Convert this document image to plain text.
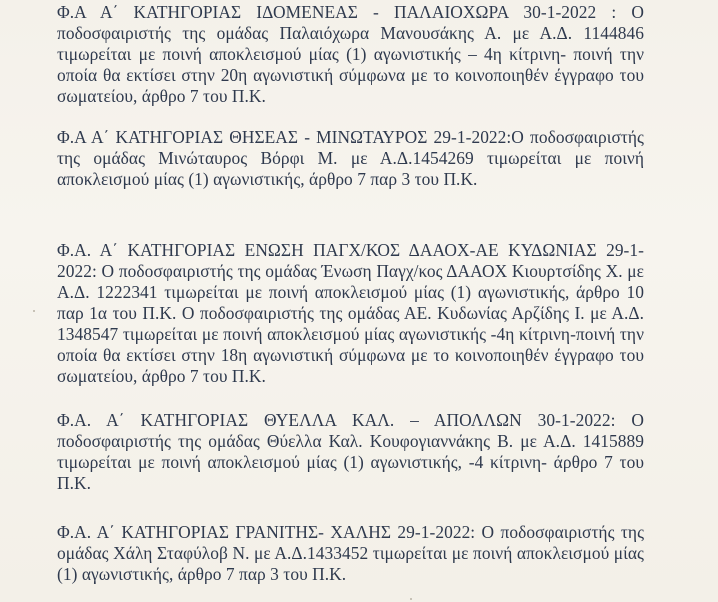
Φ.Α Α΄ ΚΑΤΗΓΟΡΙΑΣ ΙΔΟΜΕΝΕΑΣ - ΠΑΛΑΙΟΧΩΡΑ 30-1-2022 : Ο ποδοσφαιριστής της ομάδας Παλαιόχωρα Μανουσάκης Α. με Α.Δ. 1144846 τιμωρείται με ποινή αποκλεισμού μίας (1) αγωνιστικής – 4η κίτρινη- ποινή την οποία θα εκτίσει στην 20η αγωνιστική σύμφωνα με το κοινοποιηθέν έγγραφο του σωματείου, άρθρο 7 του Π.Κ.

Φ.Α Α΄ ΚΑΤΗΓΟΡΙΑΣ ΘΗΣΕΑΣ - ΜΙΝΩΤΑΥΡΟΣ 29-1-2022:Ο ποδοσφαιριστής της ομάδας Μινώταυρος Βόρφι Μ. με Α.Δ.1454269 τιμωρείται με ποινή αποκλεισμού μίας (1) αγωνιστικής, άρθρο 7 παρ 3 του Π.Κ.

Φ.Α. Α΄ ΚΑΤΗΓΟΡΙΑΣ ΕΝΩΣΗ ΠΑΓΧ/ΚΟΣ ΔΑΑΟΧ-ΑΕ ΚΥΔΩΝΙΑΣ 29-1-2022: Ο ποδοσφαιριστής της ομάδας Ένωση Παγχ/κος ΔΑΑΟΧ Κιουρτσίδης Χ. με Α.Δ. 1222341 τιμωρείται με ποινή αποκλεισμού μίας (1) αγωνιστικής, άρθρο 10 παρ 1α του Π.Κ. Ο ποδοσφαιριστής της ομάδας ΑΕ. Κυδωνίας Αρζίδης Ι. με Α.Δ. 1348547 τιμωρείται με ποινή αποκλεισμού μίας αγωνιστικής -4η κίτρινη-ποινή την οποία θα εκτίσει στην 18η αγωνιστική σύμφωνα με το κοινοποιηθέν έγγραφο του σωματείου, άρθρο 7 του Π.Κ.

Φ.Α. Α΄ ΚΑΤΗΓΟΡΙΑΣ ΘΥΕΛΛΑ ΚΑΛ. – ΑΠΟΛΛΩΝ 30-1-2022: Ο ποδοσφαιριστής της ομάδας Θύελλα Καλ. Κουφογιαννάκης Β. με Α.Δ. 1415889 τιμωρείται με ποινή αποκλεισμού μίας (1) αγωνιστικής, -4 κίτρινη- άρθρο 7 του Π.Κ.

Φ.Α. Α΄ ΚΑΤΗΓΟΡΙΑΣ ΓΡΑΝΙΤΗΣ- ΧΑΛΗΣ 29-1-2022: Ο ποδοσφαιριστής της ομάδας Χάλη Σταφύλοβ Ν. με Α.Δ.1433452 τιμωρείται με ποινή αποκλεισμού μίας (1) αγωνιστικής, άρθρο 7 παρ 3 του Π.Κ.
